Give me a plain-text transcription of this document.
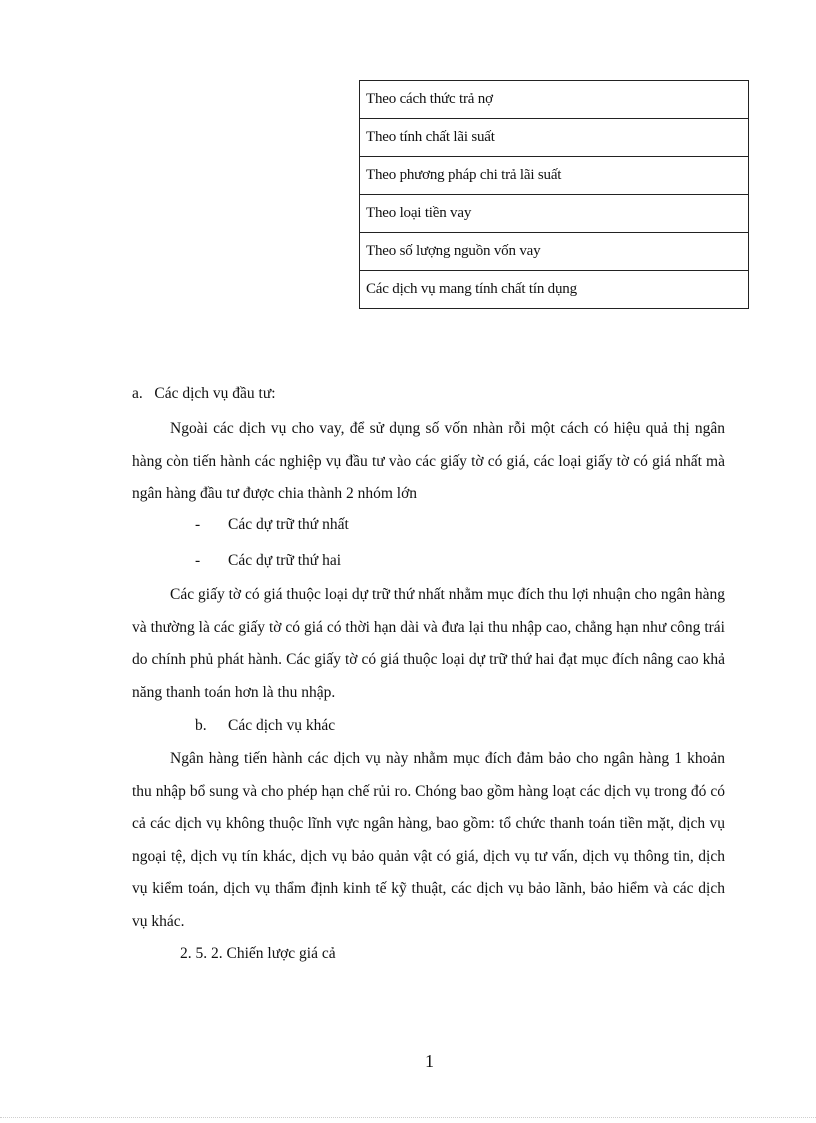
Theo cách thức trả nợ
Theo tính chất lãi suất
Theo phương pháp chi trả lãi suất
Theo loại tiền vay
Theo số lượng nguồn vốn vay
Các dịch vụ mang tính chất tín dụng
a. Các dịch vụ đầu tư:
Ngoài các dịch vụ cho vay, để sử dụng số vốn nhàn rỗi một cách có hiệu quả thị ngân hàng còn tiến hành các nghiệp vụ đầu tư vào các giấy tờ có giá, các loại giấy tờ có giá nhất mà ngân hàng đầu tư được chia thành 2 nhóm lớn
- Các dự trữ thứ nhất
- Các dự trữ thứ hai
Các giấy tờ có giá thuộc loại dự trữ thứ nhất nhằm mục đích thu lợi nhuận cho ngân hàng và thường là các giấy tờ có giá có thời hạn dài và đưa lại thu nhập cao, chẳng hạn như công trái do chính phủ phát hành. Các giấy tờ có giá thuộc loại dự trữ thứ hai đạt mục đích nâng cao khả năng thanh toán hơn là thu nhập.
b. Các dịch vụ khác
Ngân hàng tiến hành các dịch vụ này nhằm mục đích đảm bảo cho ngân hàng 1 khoản thu nhập bổ sung và cho phép hạn chế rủi ro. Chóng bao gồm hàng loạt các dịch vụ trong đó có cả các dịch vụ không thuộc lĩnh vực ngân hàng, bao gồm: tổ chức thanh toán tiền mặt, dịch vụ ngoại tệ, dịch vụ tín khác, dịch vụ bảo quản vật có giá, dịch vụ tư vấn, dịch vụ thông tin, dịch vụ kiểm toán, dịch vụ thẩm định kinh tế kỹ thuật, các dịch vụ bảo lãnh, bảo hiểm và các dịch vụ khác.
2. 5. 2. Chiến lược giá cả
1
